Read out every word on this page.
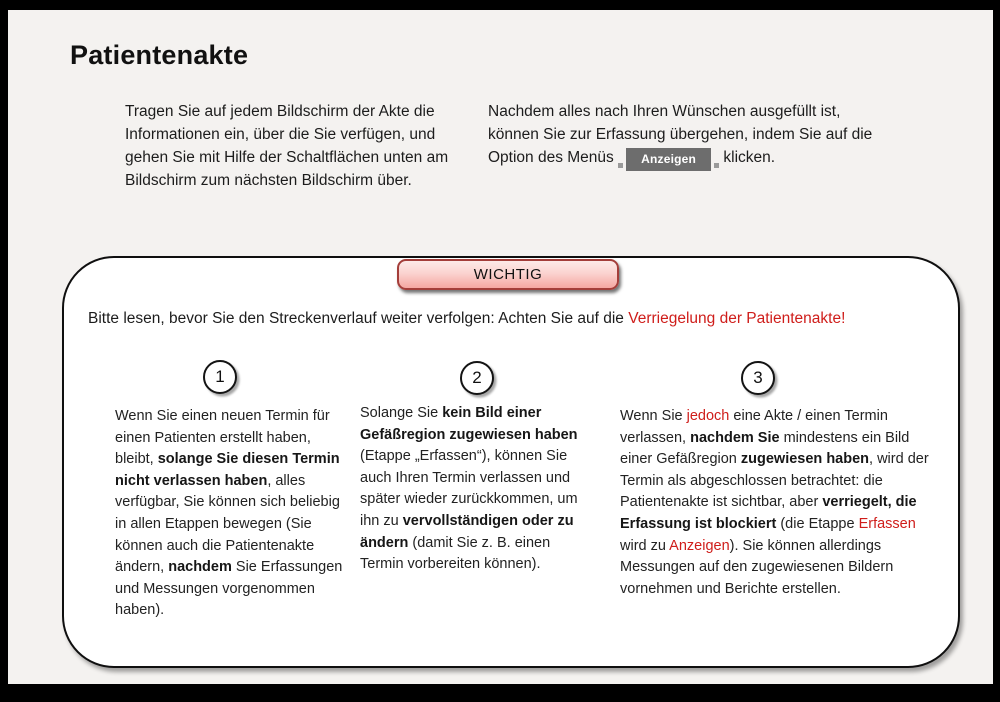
Patientenakte

Tragen Sie auf jedem Bildschirm der Akte die Informationen ein, über die Sie verfügen, und gehen Sie mit Hilfe der Schaltflächen unten am Bildschirm zum nächsten Bildschirm über.

Nachdem alles nach Ihren Wünschen ausgefüllt ist, können Sie zur Erfassung übergehen, indem Sie auf die Option des Menüs	Anzeigen	klicken.

WICHTIG

Bitte lesen, bevor Sie den Streckenverlauf weiter verfolgen: Achten Sie auf die Verriegelung der Patientenakte!

1	2	3

Wenn Sie einen neuen Termin für einen Patienten erstellt haben, bleibt, solange Sie diesen Termin nicht verlassen haben, alles verfügbar, Sie können sich beliebig in allen Etappen bewegen (Sie können auch die Patientenakte ändern, nachdem Sie Erfassungen und Messungen vorgenommen haben).

Solange Sie kein Bild einer Gefäßregion zugewiesen haben (Etappe „Erfassen“), können Sie auch Ihren Termin verlassen und später wieder zurückkommen, um ihn zu vervollständigen oder zu ändern (damit Sie z. B. einen Termin vorbereiten können).

Wenn Sie jedoch eine Akte / einen Termin verlassen, nachdem Sie mindestens ein Bild einer Gefäßregion zugewiesen haben, wird der Termin als abgeschlossen betrachtet: die Patientenakte ist sichtbar, aber verriegelt, die Erfassung ist blockiert (die Etappe Erfassen wird zu Anzeigen). Sie können allerdings Messungen auf den zugewiesenen Bildern vornehmen und Berichte erstellen.
